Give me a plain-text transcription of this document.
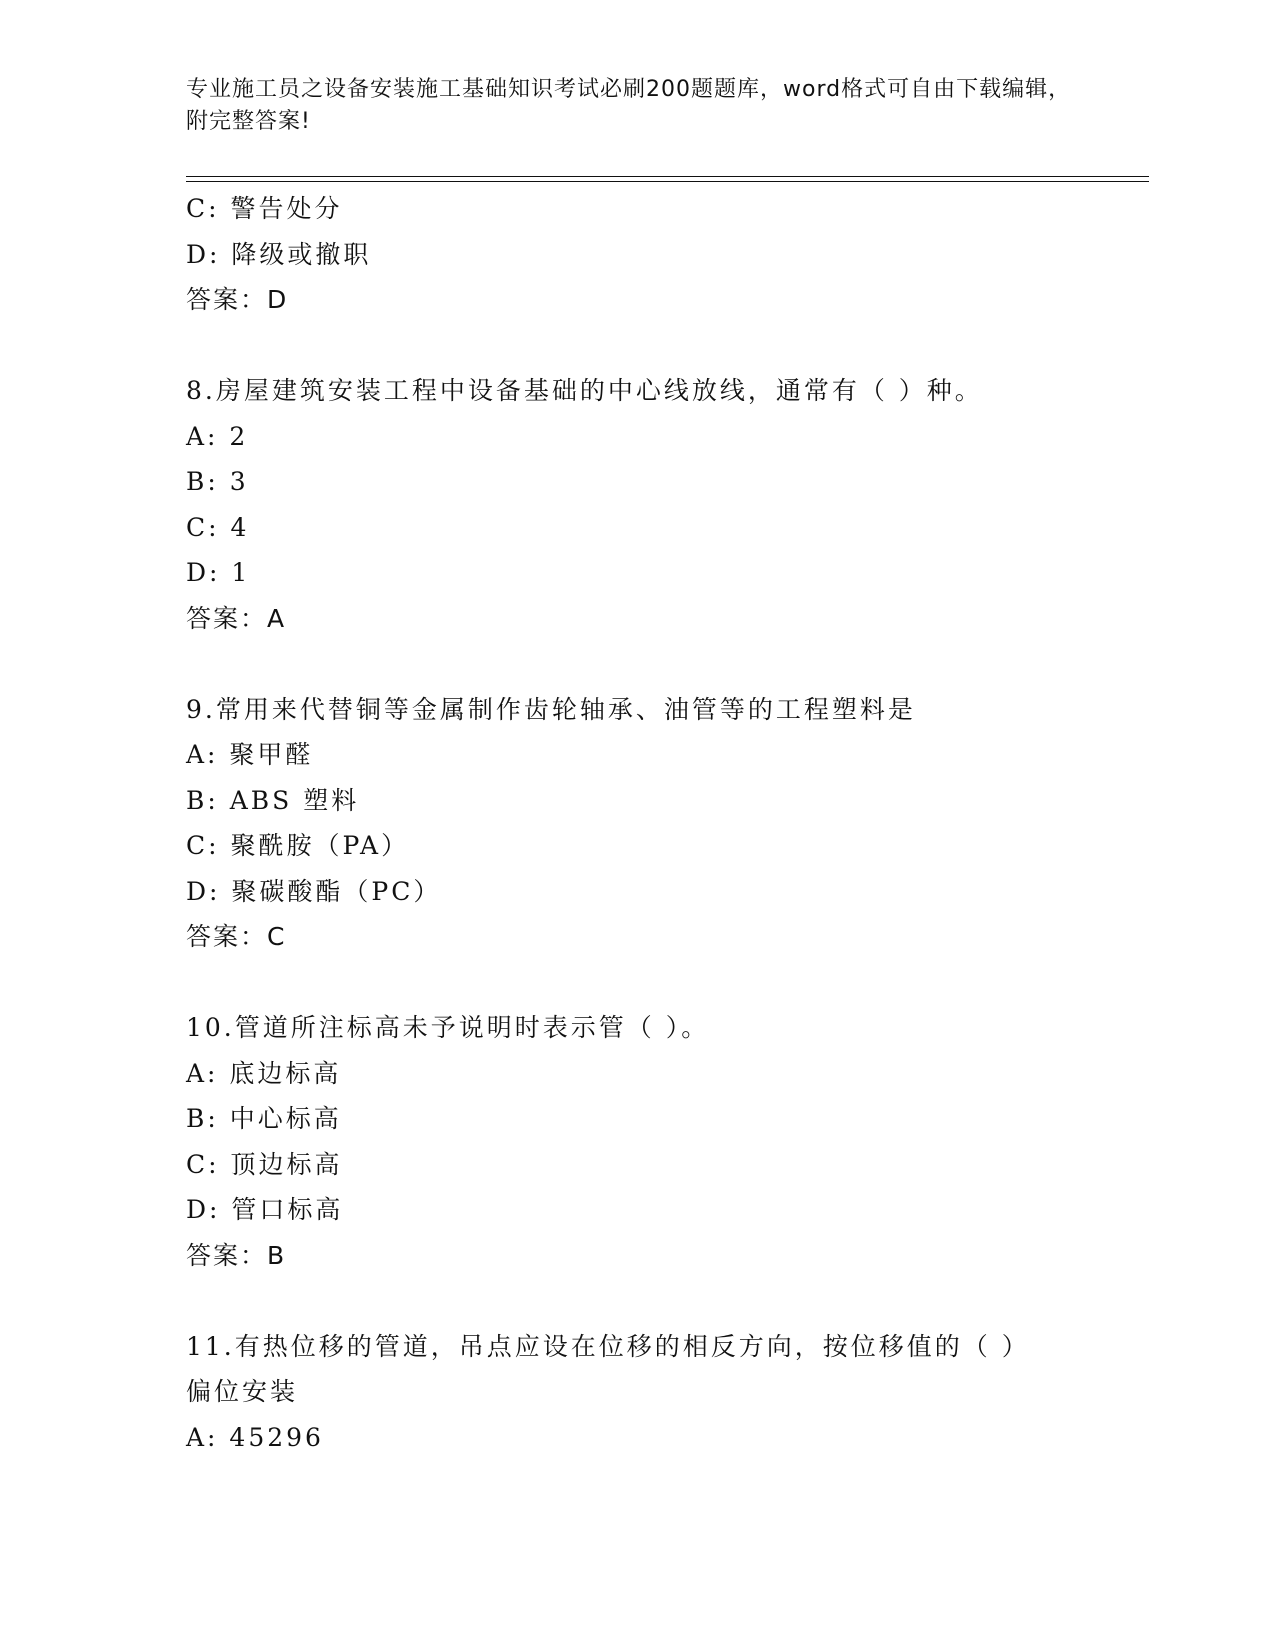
专业施工员之设备安装施工基础知识考试必刷200题题库，word格式可自由下载编辑，附完整答案!
C: 警告处分
D: 降级或撤职
答案：D
8.房屋建筑安装工程中设备基础的中心线放线，通常有（ ）种。
A: 2
B: 3
C: 4
D: 1
答案：A
9.常用来代替铜等金属制作齿轮轴承、油管等的工程塑料是
A: 聚甲醛
B: ABS 塑料
C: 聚酰胺（PA）
D: 聚碳酸酯（PC）
答案：C
10.管道所注标高未予说明时表示管（ ）。
A: 底边标高
B: 中心标高
C: 顶边标高
D: 管口标高
答案：B
11.有热位移的管道，吊点应设在位移的相反方向，按位移值的（ ）偏位安装
A: 45296
